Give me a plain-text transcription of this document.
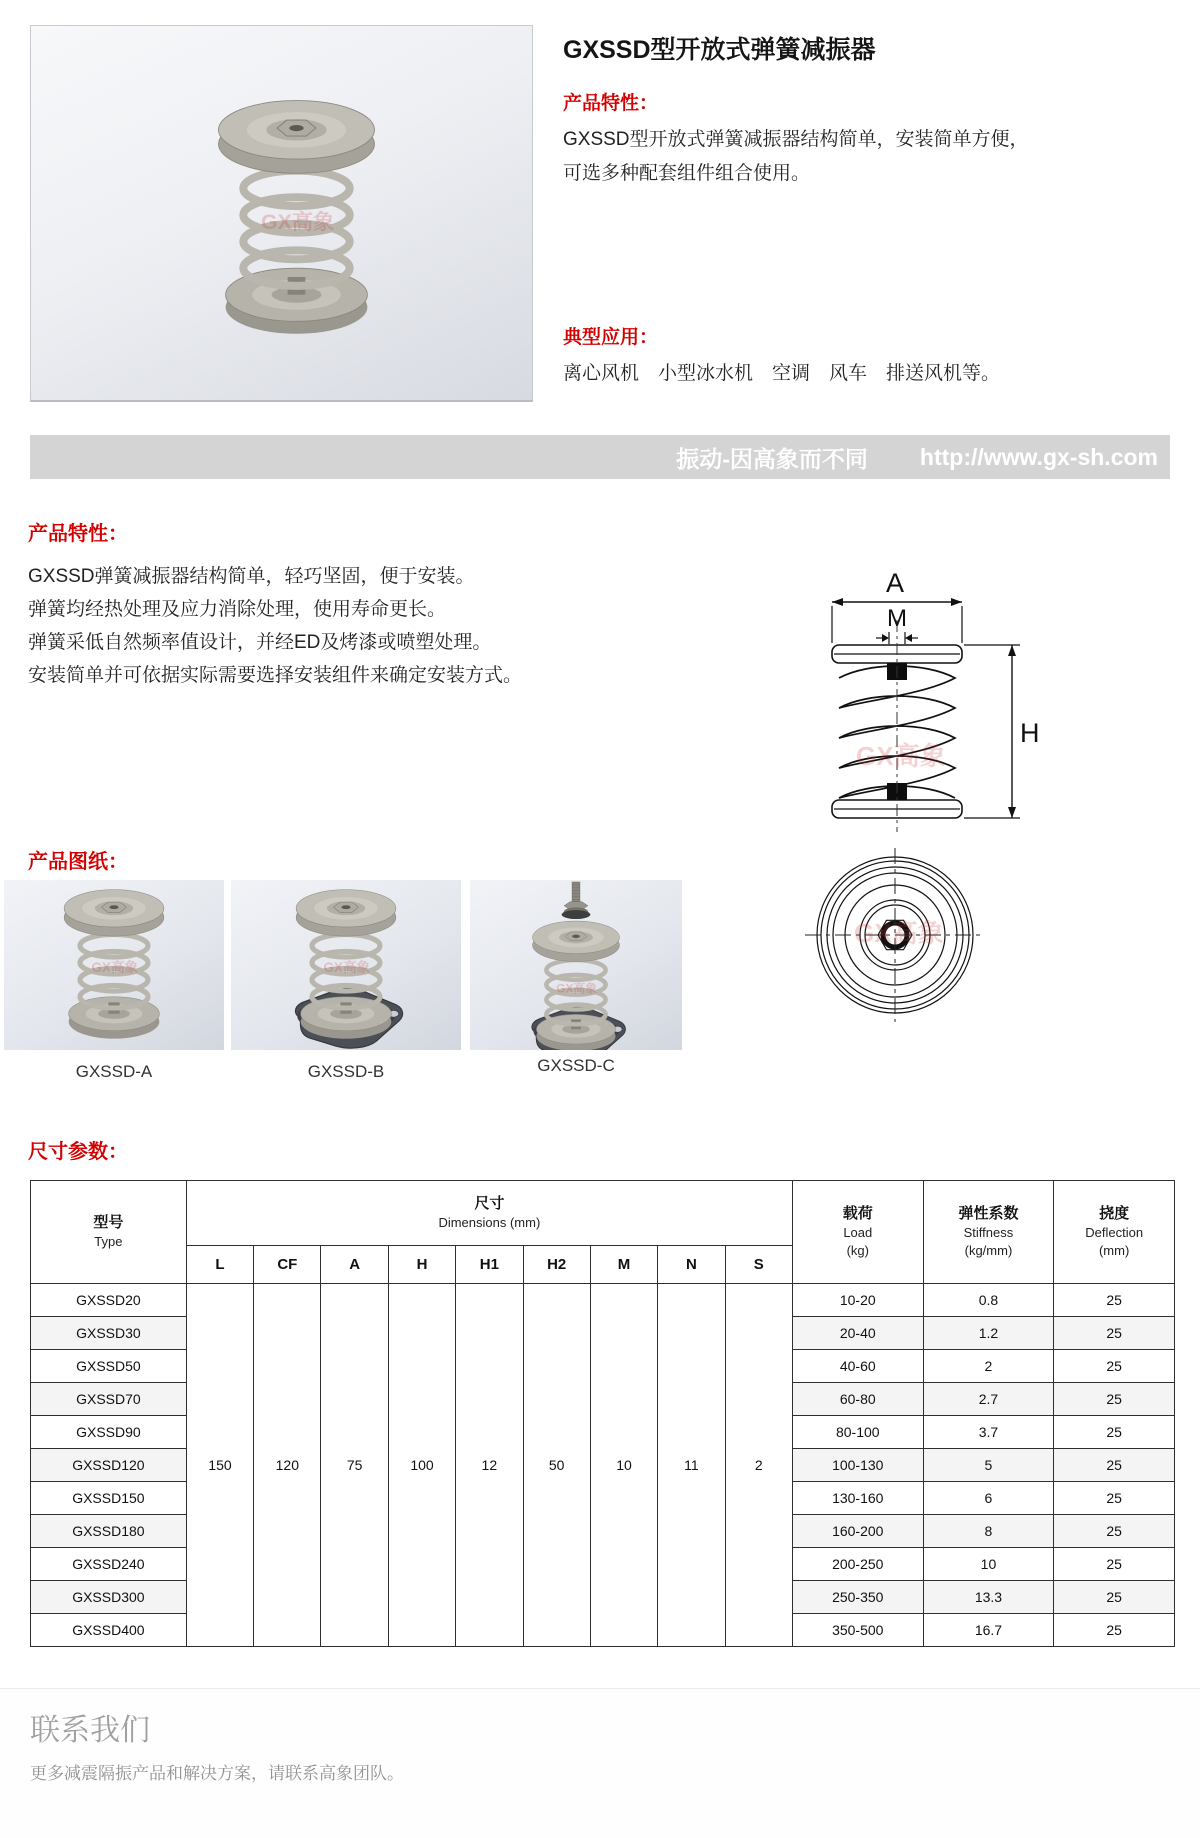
GXSSD型开放式弹簧减振器
产品特性：
GXSSD型开放式弹簧减振器结构简单，安装简单方便，
可选多种配套组件组合使用。
典型应用：
离心风机　小型冰水机　空调　风车　排送风机等。
振动-因高象而不同 http://www.gx-sh.com
产品特性：
GXSSD弹簧减振器结构简单，轻巧坚固，便于安装。
弹簧均经热处理及应力消除处理，使用寿命更长。
弹簧采低自然频率值设计，并经ED及烤漆或喷塑处理。
安装简单并可依据实际需要选择安装组件来确定安装方式。
A
M
H
GX高象
GX高象
产品图纸：
GXSSD-A	GXSSD-B	GXSSD-C
尺寸参数：
型号
Type

尺寸
Dimensions (mm)

载荷
Load
(kg)

弹性系数
Stiffness
(kg/mm)

挠度
Deflection
(mm)

	L	CF	A	H	H1	H2	M	N	S			
GXSSD20	150	120	75	100	12	50	10	11	2	10-20	0.8	25
GXSSD30										20-40	1.2	25
GXSSD50										40-60	2	25
GXSSD70										60-80	2.7	25
GXSSD90										80-100	3.7	25
GXSSD120										100-130	5	25
GXSSD150										130-160	6	25
GXSSD180										160-200	8	25
GXSSD240										200-250	10	25
GXSSD300										250-350	13.3	25
GXSSD400										350-500	16.7	25
联系我们
更多减震隔振产品和解决方案，请联系高象团队。
